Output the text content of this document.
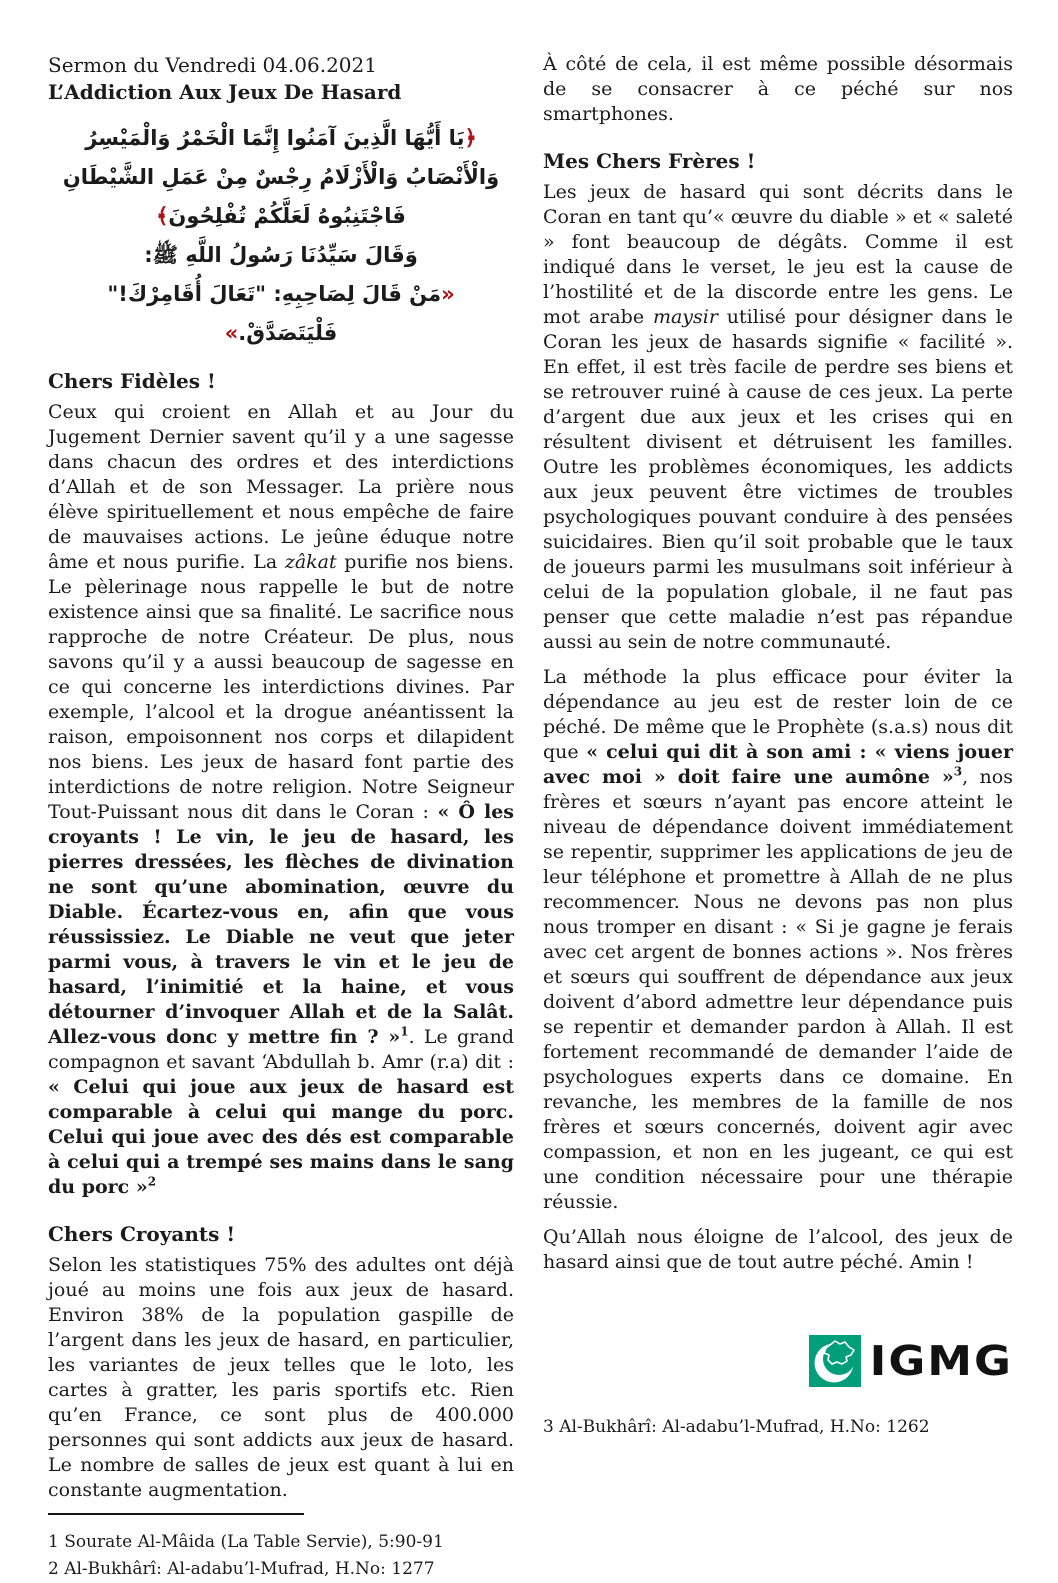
Sermon du Vendredi 04.06.2021

L’Addiction Aux Jeux De Hasard

﴿يَا أَيُّهَا الَّذِينَ آمَنُوا إِنَّمَا الْخَمْرُ وَالْمَيْسِرُ وَالْأَنْصَابُ وَالْأَزْلَامُ رِجْسٌ مِنْ عَمَلِ الشَّيْطَانِ فَاجْتَنِبُوهُ لَعَلَّكُمْ تُفْلِحُونَ﴾

وَقَالَ سَيِّدُنَا رَسُولُ اللَّهِ ﷺ:

«مَنْ قَالَ لِصَاحِبِهِ: "تَعَالَ أُقَامِرْكَ!" فَلْيَتَصَدَّقْ.»

Chers Fidèles !

Ceux qui croient en Allah et au Jour du Jugement Dernier savent qu’il y a une sagesse dans chacun des ordres et des interdictions d’Allah et de son Messager. La prière nous élève spirituellement et nous empêche de faire de mauvaises actions. Le jeûne éduque notre âme et nous purifie. La zâkat purifie nos biens. Le pèlerinage nous rappelle le but de notre existence ainsi que sa finalité. Le sacrifice nous rapproche de notre Créateur. De plus, nous savons qu’il y a aussi beaucoup de sagesse en ce qui concerne les interdictions divines. Par exemple, l’alcool et la drogue anéantissent la raison, empoisonnent nos corps et dilapident nos biens. Les jeux de hasard font partie des interdictions de notre religion. Notre Seigneur Tout-Puissant nous dit dans le Coran : « Ô les croyants ! Le vin, le jeu de hasard, les pierres dressées, les flèches de divination ne sont qu’une abomination, œuvre du Diable. Écartez-vous en, afin que vous réussissiez. Le Diable ne veut que jeter parmi vous, à travers le vin et le jeu de hasard, l’inimitié et la haine, et vous détourner d’invoquer Allah et de la Salât. Allez-vous donc y mettre fin ? »$^1$. Le grand compagnon et savant ‘Abdullah b. Amr (r.a) dit : « Celui qui joue aux jeux de hasard est comparable à celui qui mange du porc. Celui qui joue avec des dés est comparable à celui qui a trempé ses mains dans le sang du porc »$^2$

Chers Croyants !

Selon les statistiques 75% des adultes ont déjà joué au moins une fois aux jeux de hasard. Environ 38% de la population gaspille de l’argent dans les jeux de hasard, en particulier, les variantes de jeux telles que le loto, les cartes à gratter, les paris sportifs etc. Rien qu’en France, ce sont plus de 400.000 personnes qui sont addicts aux jeux de hasard. Le nombre de salles de jeux est quant à lui en constante augmentation.

1 Sourate Al-Mâida (La Table Servie), 5:90-91
2 Al-Bukhârî: Al-adabu’l-Mufrad, H.No: 1277

À côté de cela, il est même possible désormais de se consacrer à ce péché sur nos smartphones.

Mes Chers Frères !

Les jeux de hasard qui sont décrits dans le Coran en tant qu’« œuvre du diable » et « saleté » font beaucoup de dégâts. Comme il est indiqué dans le verset, le jeu est la cause de l’hostilité et de la discorde entre les gens. Le mot arabe maysir utilisé pour désigner dans le Coran les jeux de hasards signifie « facilité ». En effet, il est très facile de perdre ses biens et se retrouver ruiné à cause de ces jeux. La perte d’argent due aux jeux et les crises qui en résultent divisent et détruisent les familles. Outre les problèmes économiques, les addicts aux jeux peuvent être victimes de troubles psychologiques pouvant conduire à des pensées suicidaires. Bien qu’il soit probable que le taux de joueurs parmi les musulmans soit inférieur à celui de la population globale, il ne faut pas penser que cette maladie n’est pas répandue aussi au sein de notre communauté.

La méthode la plus efficace pour éviter la dépendance au jeu est de rester loin de ce péché. De même que le Prophète (s.a.s) nous dit que « celui qui dit à son ami : « viens jouer avec moi » doit faire une aumône »$^3$, nos frères et sœurs n’ayant pas encore atteint le niveau de dépendance doivent immédiatement se repentir, supprimer les applications de jeu de leur téléphone et promettre à Allah de ne plus recommencer. Nous ne devons pas non plus nous tromper en disant : « Si je gagne je ferais avec cet argent de bonnes actions ». Nos frères et sœurs qui souffrent de dépendance aux jeux doivent d’abord admettre leur dépendance puis se repentir et demander pardon à Allah. Il est fortement recommandé de demander l’aide de psychologues experts dans ce domaine. En revanche, les membres de la famille de nos frères et sœurs concernés, doivent agir avec compassion, et non en les jugeant, ce qui est une condition nécessaire pour une thérapie réussie.

Qu’Allah nous éloigne de l’alcool, des jeux de hasard ainsi que de tout autre péché. Amin !

IGMG
3 Al-Bukhârî: Al-adabu’l-Mufrad, H.No: 1262
